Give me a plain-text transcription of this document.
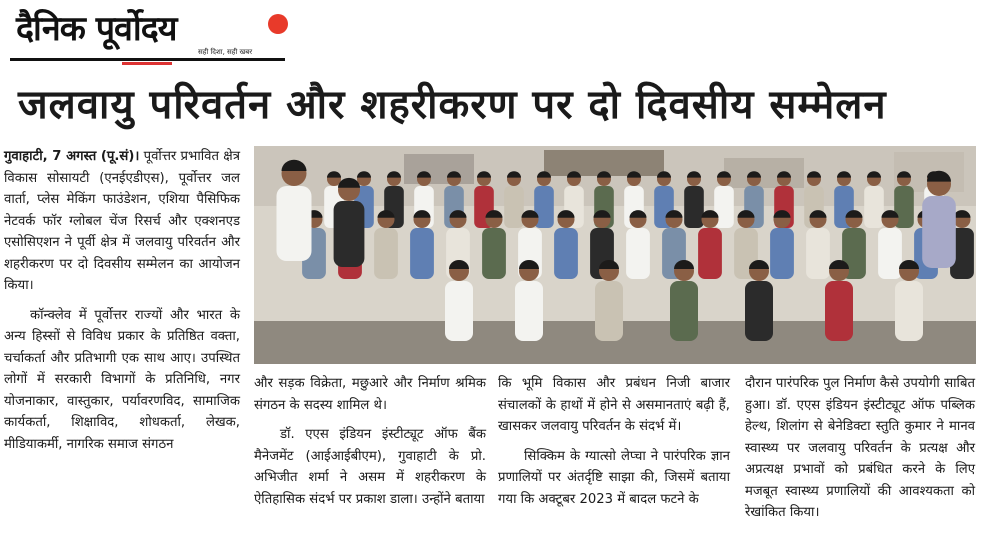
दैनिक पूर्वोदय
सही दिशा, सही खबर
जलवायु परिवर्तन और शहरीकरण पर दो दिवसीय सम्मेलन

गुवाहाटी, 7 अगस्त (पू.सं)। पूर्वोत्तर प्रभावित क्षेत्र विकास सोसायटी (एनईएडीएस), पूर्वोत्तर जल वार्ता, प्लेस मेकिंग फाउंडेशन, एशिया पैसिफिक नेटवर्क फॉर ग्लोबल चेंज रिसर्च और एक्शनएड एसोसिएशन ने पूर्वी क्षेत्र में जलवायु परिवर्तन और शहरीकरण पर दो दिवसीय सम्मेलन का आयोजन किया।

कॉन्क्लेव में पूर्वोत्तर राज्यों और भारत के अन्य हिस्सों से विविध प्रकार के प्रतिष्ठित वक्ता, चर्चाकर्ता और प्रतिभागी एक साथ आए। उपस्थित लोगों में सरकारी विभागों के प्रतिनिधि, नगर योजनाकार, वास्तुकार, पर्यावरणविद, सामाजिक कार्यकर्ता, शिक्षाविद, शोधकर्ता, लेखक, मीडियाकर्मी, नागरिक समाज संगठन

और सड़क विक्रेता, मछुआरे और निर्माण श्रमिक संगठन के सदस्य शामिल थे।

डॉ. एएस इंडियन इंस्टीट्यूट ऑफ बैंक मैनेजमेंट (आईआईबीएम), गुवाहाटी के प्रो. अभिजीत शर्मा ने असम में शहरीकरण के ऐतिहासिक संदर्भ पर प्रकाश डाला। उन्होंने बताया

कि भूमि विकास और प्रबंधन निजी बाजार संचालकों के हाथों में होने से असमानताएं बढ़ी हैं, खासकर जलवायु परिवर्तन के संदर्भ में।

सिक्किम के ग्यात्सो लेप्चा ने पारंपरिक ज्ञान प्रणालियों पर अंतर्दृष्टि साझा की, जिसमें बताया गया कि अक्टूबर 2023 में बादल फटने के

दौरान पारंपरिक पुल निर्माण कैसे उपयोगी साबित हुआ। डॉ. एएस इंडियन इंस्टीट्यूट ऑफ पब्लिक हेल्थ, शिलांग से बेनेडिक्टा स्तुति कुमार ने मानव स्वास्थ्य पर जलवायु परिवर्तन के प्रत्यक्ष और अप्रत्यक्ष प्रभावों को प्रबंधित करने के लिए मजबूत स्वास्थ्य प्रणालियों की आवश्यकता को रेखांकित किया।
